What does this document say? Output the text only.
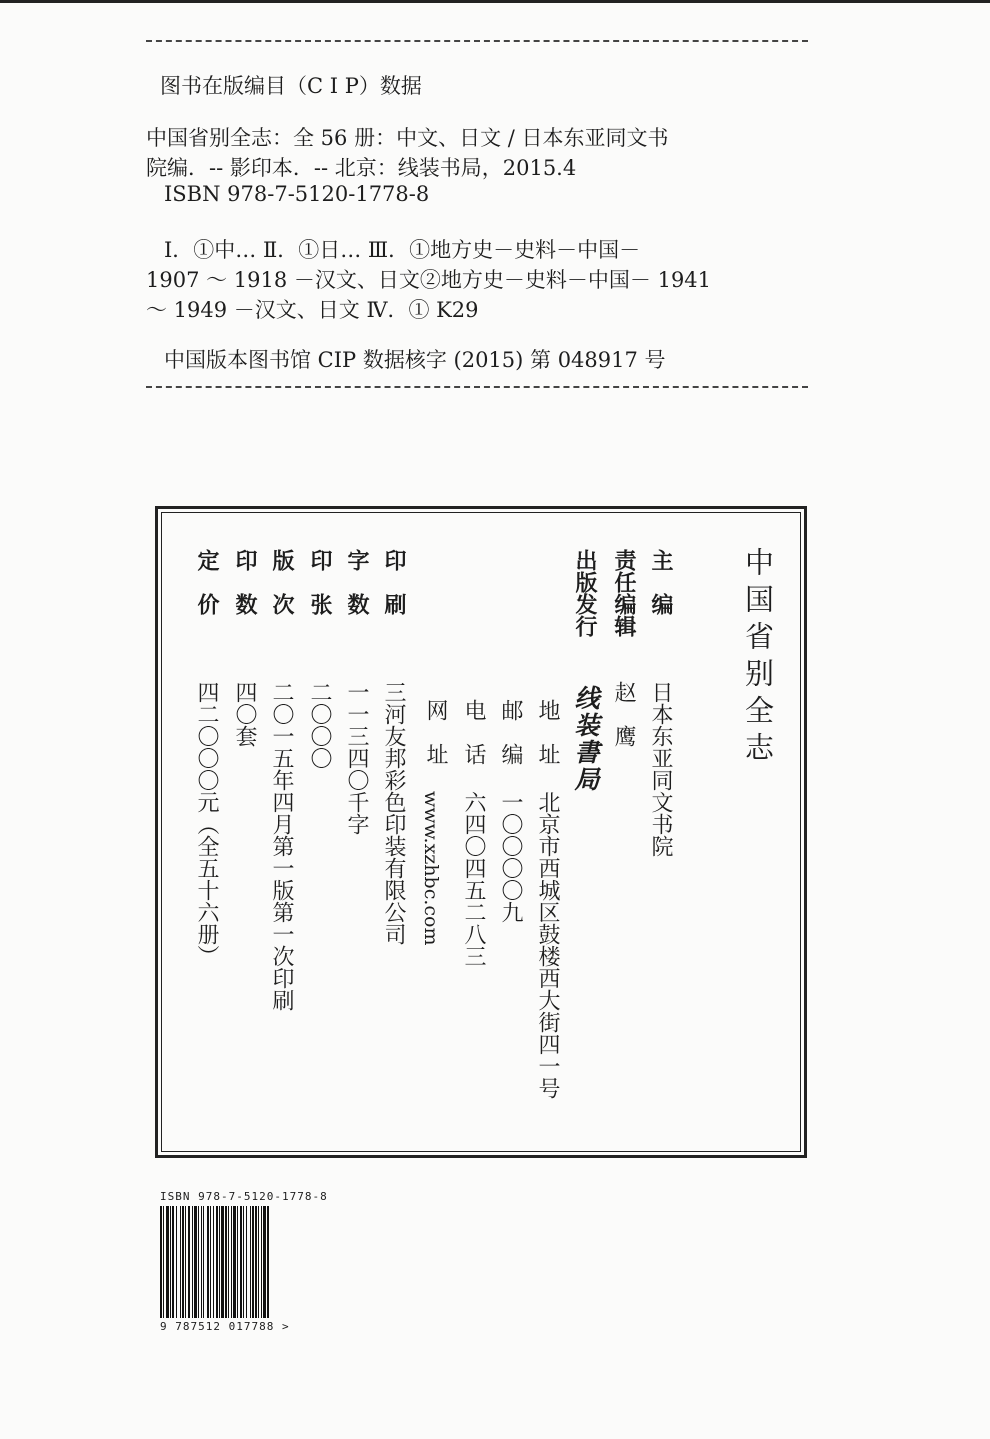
图书在版编目（C I P）数据
中国省别全志：全 56 册：中文、日文 / 日本东亚同文书
院编．-- 影印本．-- 北京：线装书局，2015.4
ISBN 978-7-5120-1778-8
Ⅰ．①中… Ⅱ．①日… Ⅲ．①地方史－史料－中国－
1907 ～ 1918 －汉文、日文②地方史－史料－中国－ 1941
～ 1949 －汉文、日文 Ⅳ．① K29
中国版本图书馆 CIP 数据核字 (2015) 第 048917 号
中国省别全志
主　编
日本东亚同文书院
责任编辑
赵　鹰
出版发行
线装書局
地　址
北京市西城区鼓楼西大街四一号
邮　编
一〇〇〇〇九
电　话
六四〇四五二八三
网　址
www.xzhbc.com
印　刷
三河友邦彩色印装有限公司
字　数
一一三四〇千字
印　张
二〇〇〇
版　次
二〇一五年四月第一版第一次印刷
印　数
四〇套
定　价
四二〇〇〇元（全五十六册）
ISBN 978-7-5120-1778-8
9 787512 017788 >
